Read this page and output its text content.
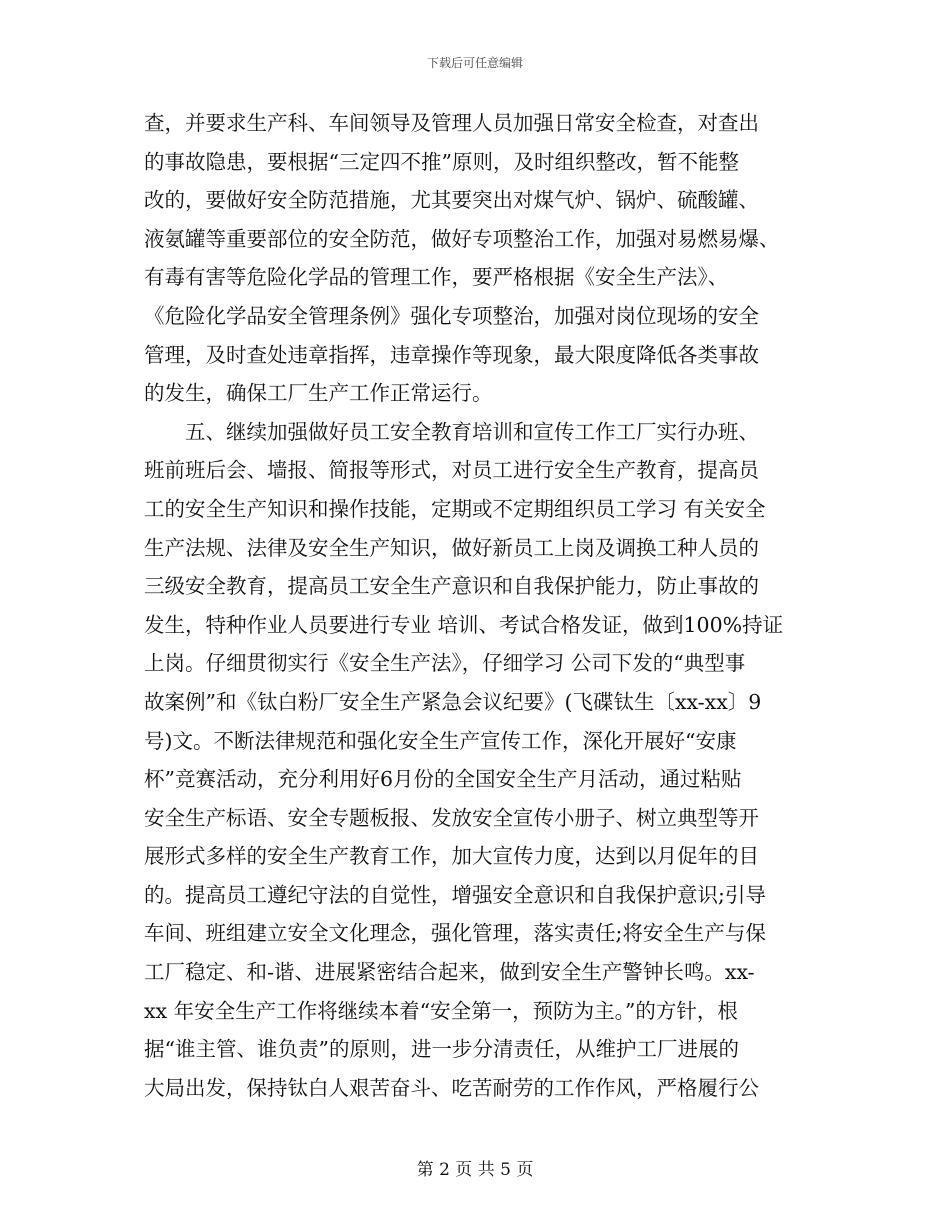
下载后可任意编辑
查，并要求生产科、车间领导及管理人员加强日常安全检查，对查出
的事故隐患，要根据“三定四不推”原则，及时组织整改，暂不能整
改的，要做好安全防范措施，尤其要突出对煤气炉、锅炉、硫酸罐、
液氨罐等重要部位的安全防范，做好专项整治工作，加强对易燃易爆、
有毒有害等危险化学品的管理工作，要严格根据《安全生产法》、
《危险化学品安全管理条例》强化专项整治，加强对岗位现场的安全
管理，及时查处违章指挥，违章操作等现象，最大限度降低各类事故
的发生，确保工厂生产工作正常运行。
五、继续加强做好员工安全教育培训和宣传工作工厂实行办班、
班前班后会、墙报、简报等形式，对员工进行安全生产教育，提高员
工的安全生产知识和操作技能，定期或不定期组织员工学习 有关安全
生产法规、法律及安全生产知识，做好新员工上岗及调换工种人员的
三级安全教育，提高员工安全生产意识和自我保护能力，防止事故的
发生，特种作业人员要进行专业 培训、考试合格发证，做到100%持证
上岗。仔细贯彻实行《安全生产法》，仔细学习 公司下发的“典型事
故案例”和《钛白粉厂安全生产紧急会议纪要》(飞碟钛生〔xx-xx〕9
号)文。不断法律规范和强化安全生产宣传工作，深化开展好“安康
杯”竞赛活动，充分利用好6月份的全国安全生产月活动，通过粘贴
安全生产标语、安全专题板报、发放安全宣传小册子、树立典型等开
展形式多样的安全生产教育工作，加大宣传力度，达到以月促年的目
的。提高员工遵纪守法的自觉性，增强安全意识和自我保护意识;引导
车间、班组建立安全文化理念，强化管理，落实责任;将安全生产与保
工厂稳定、和-谐、进展紧密结合起来，做到安全生产警钟长鸣。xx-
xx 年安全生产工作将继续本着“安全第一，预防为主。”的方针，根
据“谁主管、谁负责”的原则，进一步分清责任，从维护工厂进展的
大局出发，保持钛白人艰苦奋斗、吃苦耐劳的工作作风，严格履行公
第 2 页 共 5 页
